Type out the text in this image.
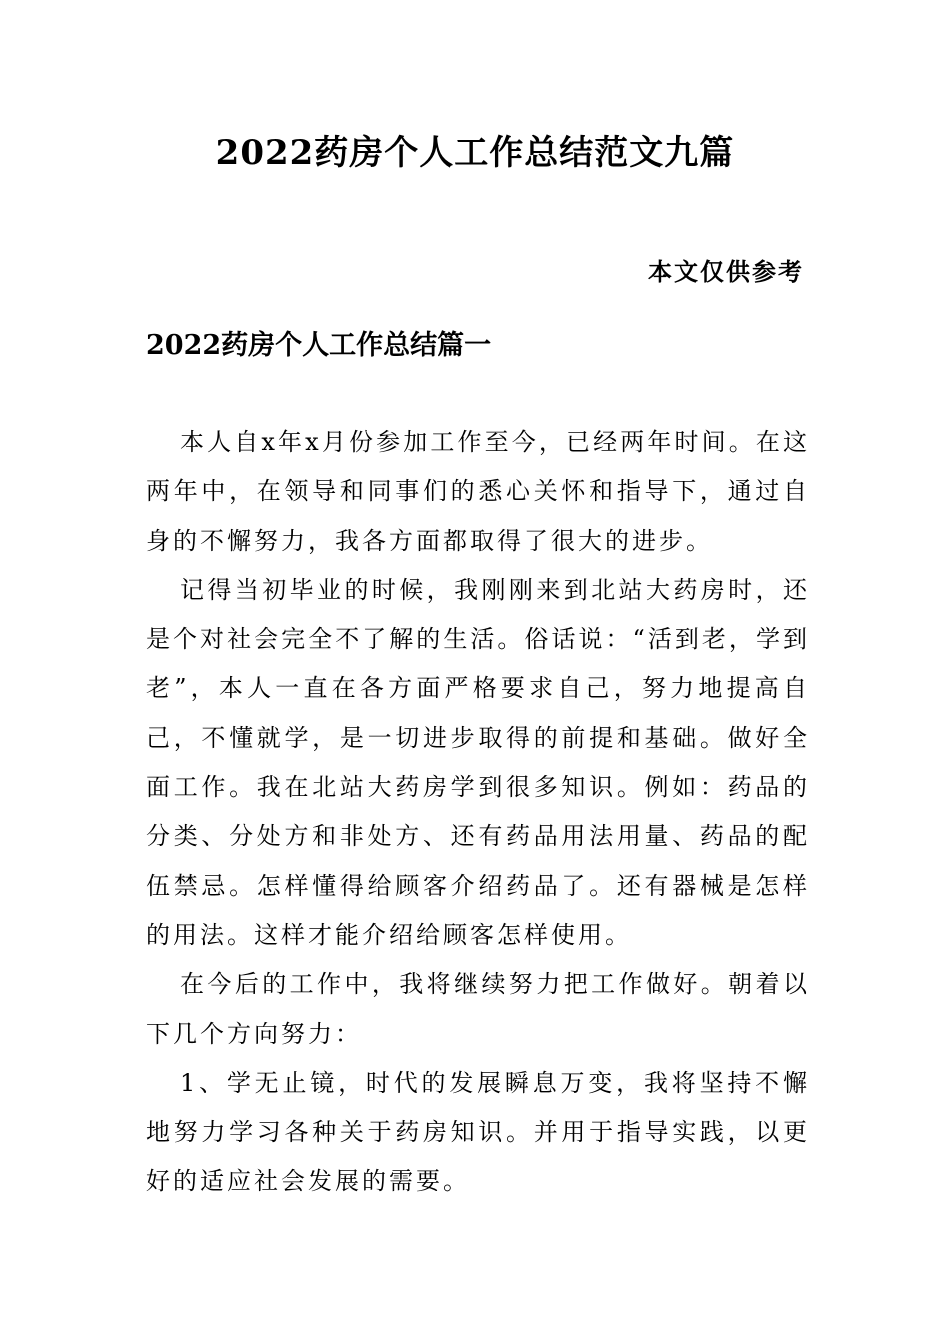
2022药房个人工作总结范文九篇

本文仅供参考

2022药房个人工作总结篇一

本人自x年x月份参加工作至今，已经两年时间。在这两年中，在领导和同事们的悉心关怀和指导下，通过自身的不懈努力，我各方面都取得了很大的进步。

记得当初毕业的时候，我刚刚来到北站大药房时，还是个对社会完全不了解的生活。俗话说：“活到老，学到老”，本人一直在各方面严格要求自己，努力地提高自己，不懂就学，是一切进步取得的前提和基础。做好全面工作。我在北站大药房学到很多知识。例如：药品的分类、分处方和非处方、还有药品用法用量、药品的配伍禁忌。怎样懂得给顾客介绍药品了。还有器械是怎样的用法。这样才能介绍给顾客怎样使用。

在今后的工作中，我将继续努力把工作做好。朝着以下几个方向努力：

1、学无止镜，时代的发展瞬息万变，我将坚持不懈地努力学习各种关于药房知识。并用于指导实践，以更好的适应社会发展的需要。
